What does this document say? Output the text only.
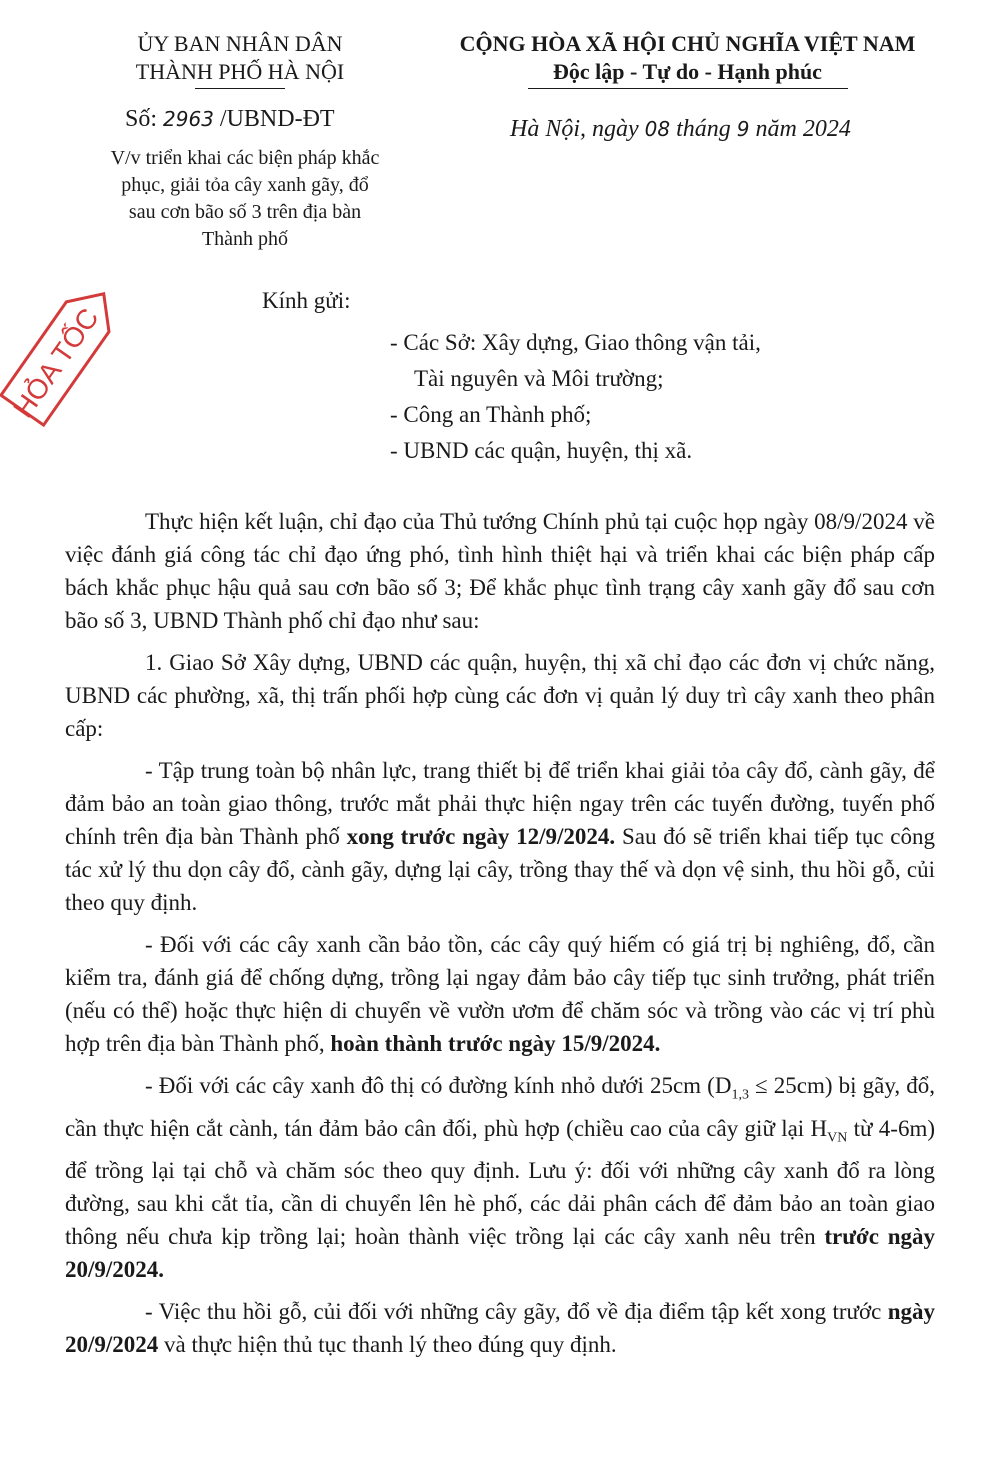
ỦY BAN NHÂN DÂN
THÀNH PHỐ HÀ NỘI
Số: 2963 /UBND-ĐT
V/v triển khai các biện pháp khắc
phục, giải tỏa cây xanh gãy, đổ
sau cơn bão số 3 trên địa bàn
Thành phố
CỘNG HÒA XÃ HỘI CHỦ NGHĨA VIỆT NAM
Độc lập - Tự do - Hạnh phúc
Hà Nội, ngày 08 tháng 9 năm 2024
HỎA TỐC
Kính gửi:
- Các Sở: Xây dựng, Giao thông vận tải,
Tài nguyên và Môi trường;
- Công an Thành phố;
- UBND các quận, huyện, thị xã.

Thực hiện kết luận, chỉ đạo của Thủ tướng Chính phủ tại cuộc họp ngày 08/9/2024 về việc đánh giá công tác chỉ đạo ứng phó, tình hình thiệt hại và triển khai các biện pháp cấp bách khắc phục hậu quả sau cơn bão số 3; Để khắc phục tình trạng cây xanh gãy đổ sau cơn bão số 3, UBND Thành phố chỉ đạo như sau:

1. Giao Sở Xây dựng, UBND các quận, huyện, thị xã chỉ đạo các đơn vị chức năng, UBND các phường, xã, thị trấn phối hợp cùng các đơn vị quản lý duy trì cây xanh theo phân cấp:

- Tập trung toàn bộ nhân lực, trang thiết bị để triển khai giải tỏa cây đổ, cành gãy, để đảm bảo an toàn giao thông, trước mắt phải thực hiện ngay trên các tuyến đường, tuyến phố chính trên địa bàn Thành phố xong trước ngày 12/9/2024. Sau đó sẽ triển khai tiếp tục công tác xử lý thu dọn cây đổ, cành gãy, dựng lại cây, trồng thay thế và dọn vệ sinh, thu hồi gỗ, củi theo quy định.

- Đối với các cây xanh cần bảo tồn, các cây quý hiếm có giá trị bị nghiêng, đổ, cần kiểm tra, đánh giá để chống dựng, trồng lại ngay đảm bảo cây tiếp tục sinh trưởng, phát triển (nếu có thể) hoặc thực hiện di chuyển về vườn ươm để chăm sóc và trồng vào các vị trí phù hợp trên địa bàn Thành phố, hoàn thành trước ngày 15/9/2024.

- Đối với các cây xanh đô thị có đường kính nhỏ dưới 25cm $(D_{1,3} \le 25cm)$ bị gãy, đổ, cần thực hiện cắt cành, tán đảm bảo cân đối, phù hợp (chiều cao của cây giữ lại $H_{VN}$ từ 4-6m) để trồng lại tại chỗ và chăm sóc theo quy định. Lưu ý: đối với những cây xanh đổ ra lòng đường, sau khi cắt tỉa, cần di chuyển lên hè phố, các dải phân cách để đảm bảo an toàn giao thông nếu chưa kịp trồng lại; hoàn thành việc trồng lại các cây xanh nêu trên trước ngày 20/9/2024.

- Việc thu hồi gỗ, củi đối với những cây gãy, đổ về địa điểm tập kết xong trước ngày 20/9/2024 và thực hiện thủ tục thanh lý theo đúng quy định.
